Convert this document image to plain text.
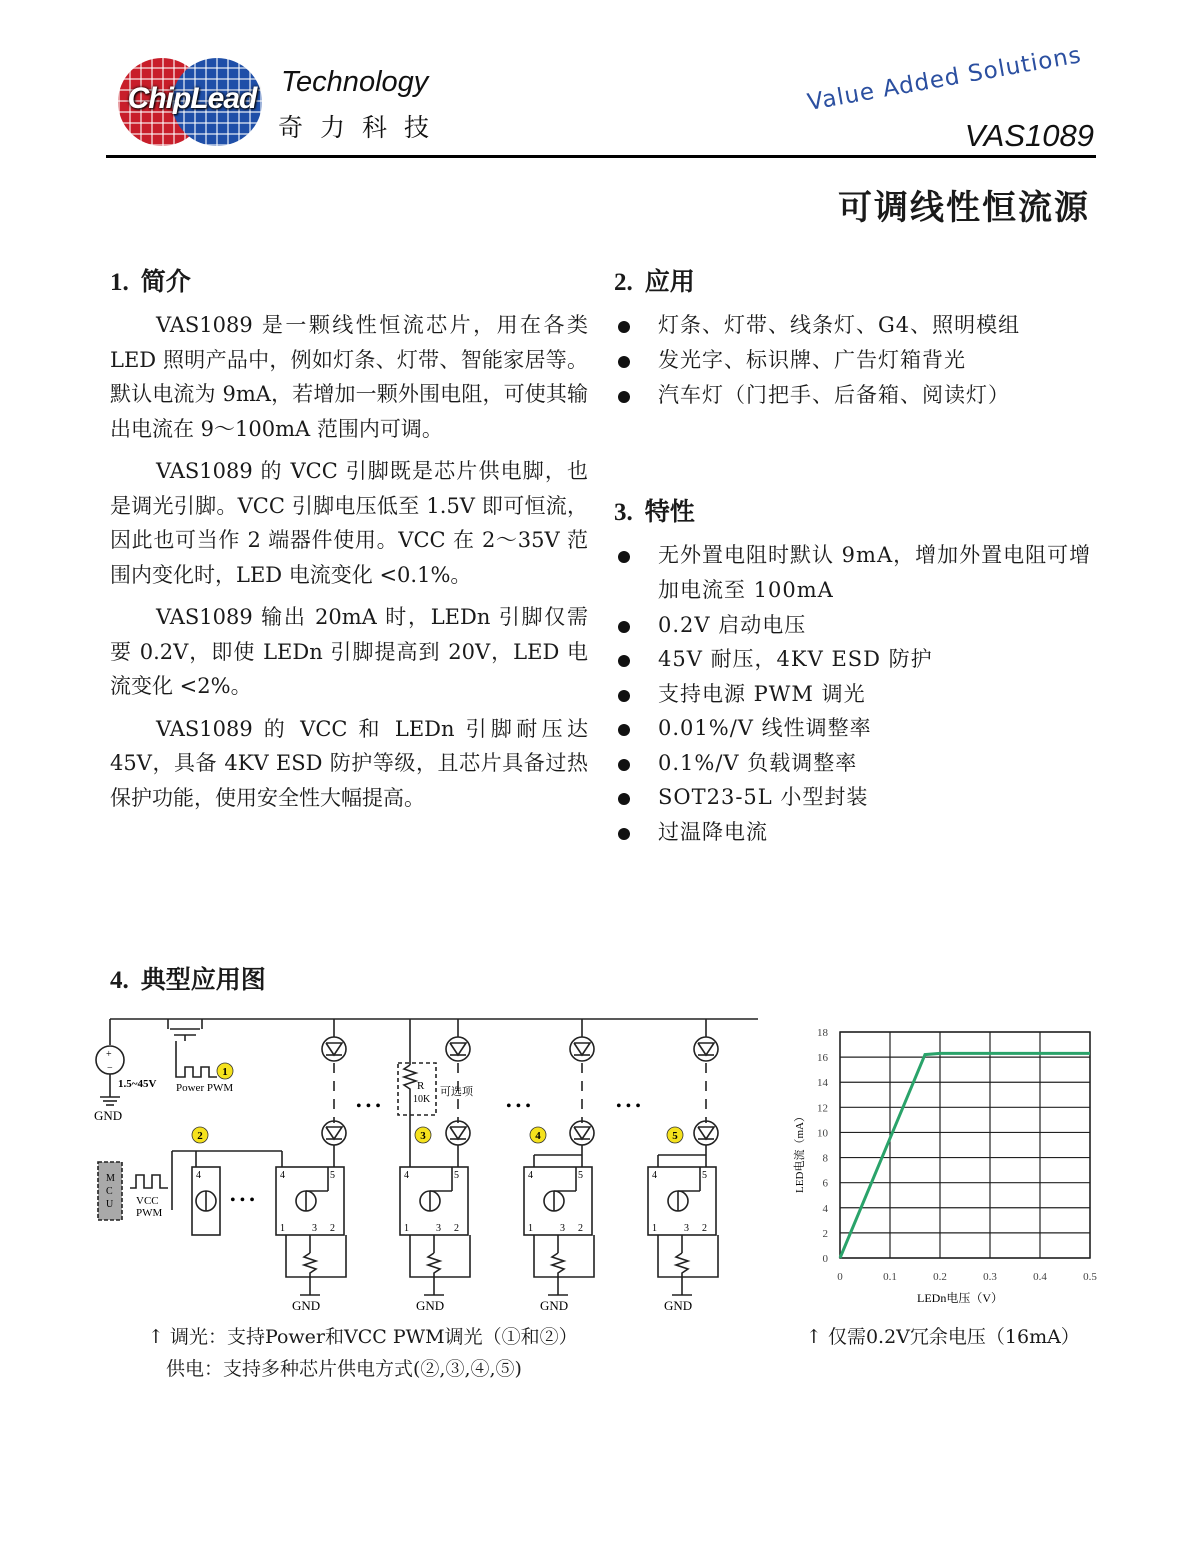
ChipLead Technology
奇力科技
Value Added Solutions
VAS1089
可调线性恒流源
1. 简介

VAS1089 是一颗线性恒流芯片，用在各类 LED 照明产品中，例如灯条、灯带、智能家居等。默认电流为 9mA，若增加一颗外围电阻，可使其输出电流在 9～100mA 范围内可调。

VAS1089 的 VCC 引脚既是芯片供电脚，也是调光引脚。VCC 引脚电压低至 1.5V 即可恒流，因此也可当作 2 端器件使用。VCC 在 2～35V 范围内变化时，LED 电流变化 <0.1%。

VAS1089 输出 20mA 时，LEDn 引脚仅需要 0.2V，即使 LEDn 引脚提高到 20V，LED 电流变化 <2%。

VAS1089 的 VCC 和 LEDn 引脚耐压达 45V，具备 4KV ESD 防护等级，且芯片具备过热保护功能，使用安全性大幅提高。

2. 应用
灯条、灯带、线条灯、G4、照明模组
发光字、标识牌、广告灯箱背光
汽车灯（门把手、后备箱、阅读灯）
3. 特性
无外置电阻时默认 9mA，增加外置电阻可增加电流至 100mA
0.2V 启动电压
45V 耐压，4KV ESD 防护
支持电源 PWM 调光
0.01%/V 线性调整率
0.1%/V 负载调整率
SOT23-5L 小型封装
过温降电流
4. 典型应用图
+
−
1.5~45V
GND
Power PWM
M
C
U VCC
PWM
R
10K
可选项
• • •
• • •	• • •	• • •
4	4	5
1	3 2
4	5
1	3 2
4	5
1	3 2
4	5
1	3 2
GND	GND	GND	GND
1
2	3	4	5
↑ 调光：支持Power和VCC PWM调光（①和②）
供电：支持多种芯片供电方式(②,③,④,⑤)
0
2
4
6
8
10
12
14
16
18
0	0.1	0.2	0.3	0.4	0.5
LEDn电压（V）
LED电流（mA）
↑ 仅需0.2V冗余电压（16mA）
